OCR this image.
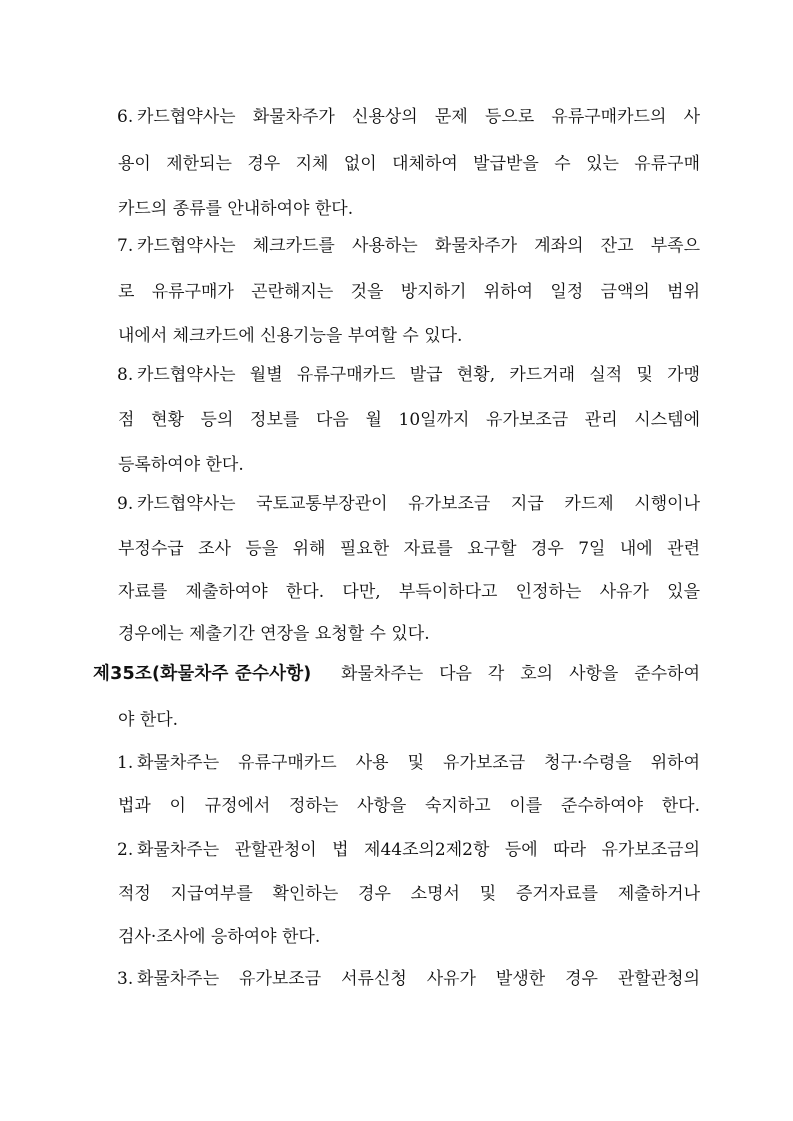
6. 카드협약사는 화물차주가 신용상의 문제 등으로 유류구매카드의 사
용이 제한되는 경우 지체 없이 대체하여 발급받을 수 있는 유류구매
카드의 종류를 안내하여야 한다.
7. 카드협약사는 체크카드를 사용하는 화물차주가 계좌의 잔고 부족으
로 유류구매가 곤란해지는 것을 방지하기 위하여 일정 금액의 범위
내에서 체크카드에 신용기능을 부여할 수 있다.
8. 카드협약사는 월별 유류구매카드 발급 현황, 카드거래 실적 및 가맹
점 현황 등의 정보를 다음 월 10일까지 유가보조금 관리 시스템에
등록하여야 한다.
9. 카드협약사는 국토교통부장관이 유가보조금 지급 카드제 시행이나
부정수급 조사 등을 위해 필요한 자료를 요구할 경우 7일 내에 관련
자료를 제출하여야 한다. 다만, 부득이하다고 인정하는 사유가 있을
경우에는 제출기간 연장을 요청할 수 있다.
제35조(화물차주 준수사항) 화물차주는 다음 각 호의 사항을 준수하여
야 한다.
1. 화물차주는 유류구매카드 사용 및 유가보조금 청구·수령을 위하여
법과 이 규정에서 정하는 사항을 숙지하고 이를 준수하여야 한다.
2. 화물차주는 관할관청이 법 제44조의2제2항 등에 따라 유가보조금의
적정 지급여부를 확인하는 경우 소명서 및 증거자료를 제출하거나
검사·조사에 응하여야 한다.
3. 화물차주는 유가보조금 서류신청 사유가 발생한 경우 관할관청의
